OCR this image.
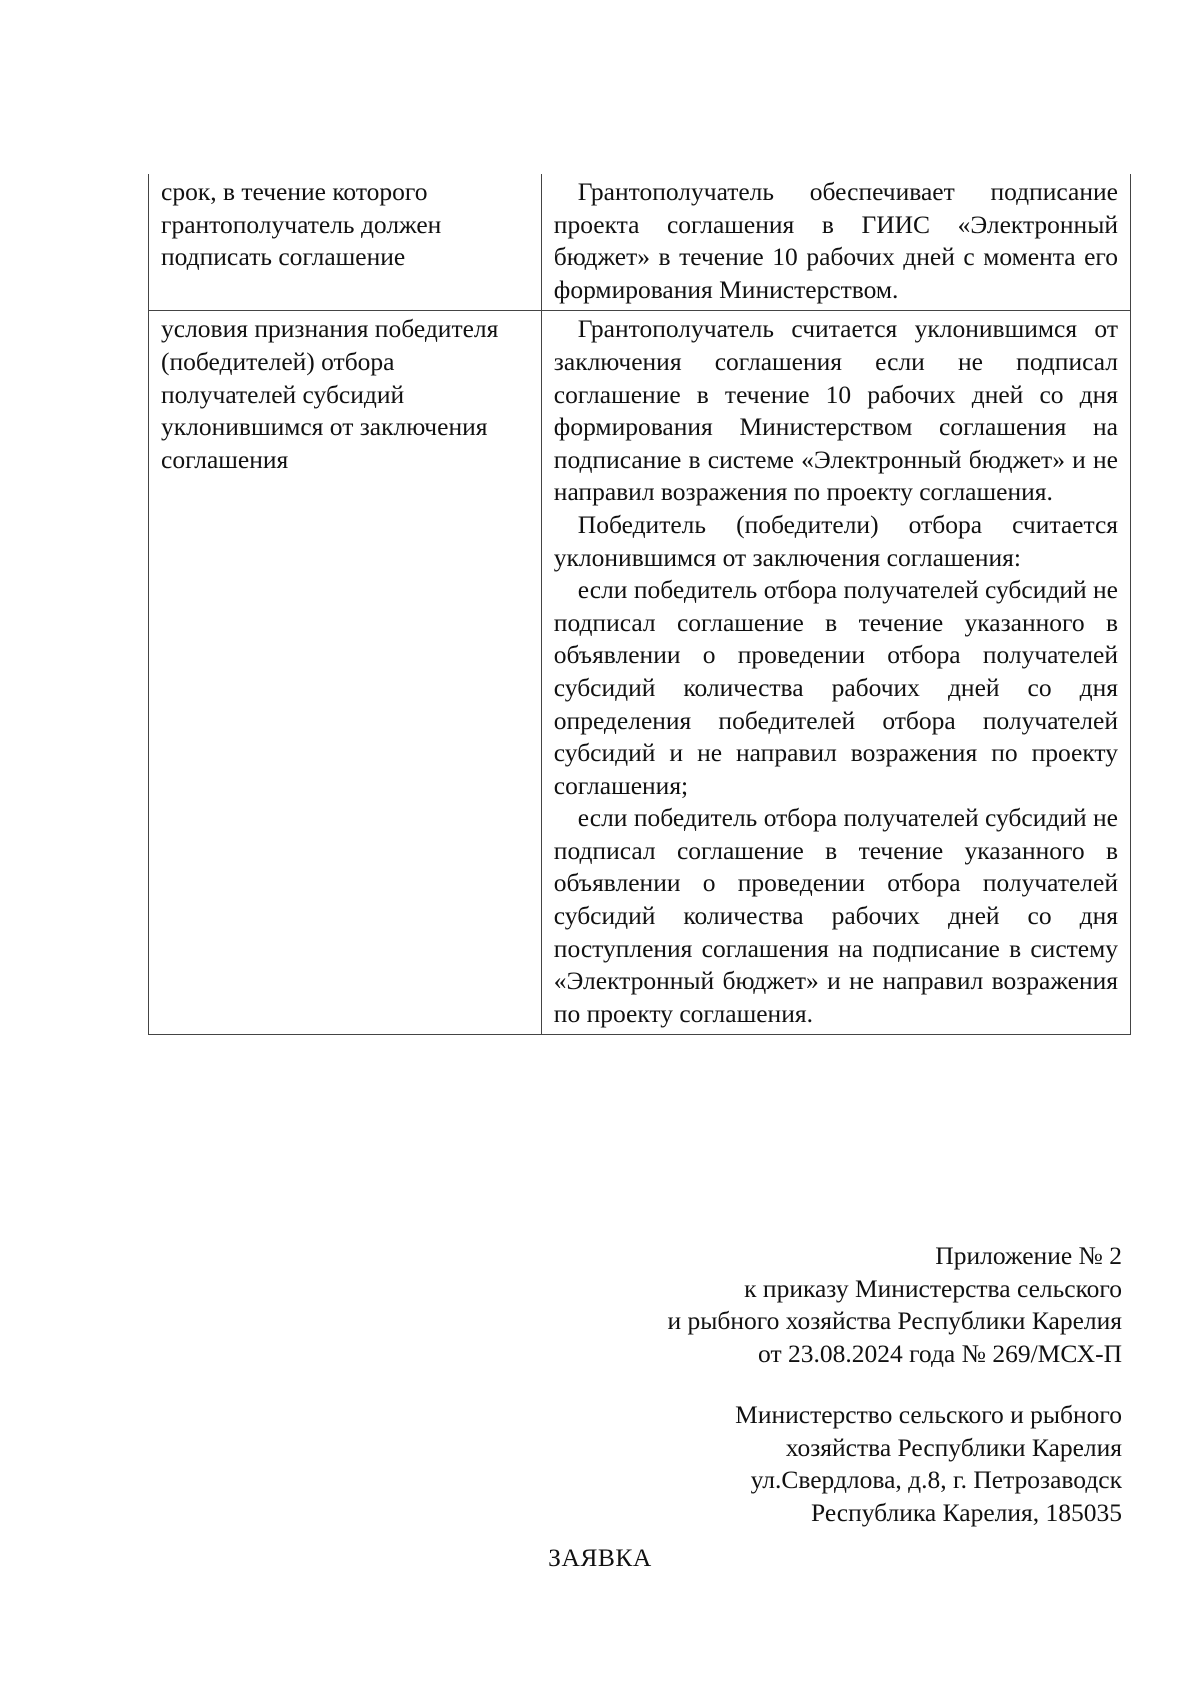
срок, в течение которого грантополучатель должен подписать соглашение	Грантополучатель обеспечивает подписание проекта соглашения в ГИИС «Электронный бюджет» в течение 10 рабочих дней с момента его формирования Министерством.

условия признания победителя (победителей) отбора получателей субсидий уклонившимся от заключения соглашения	Грантополучатель считается уклонившимся от заключения соглашения если не подписал соглашение в течение 10 рабочих дней со дня формирования Министерством соглашения на подписание в системе «Электронный бюджет» и не направил возражения по проекту соглашения.

Победитель (победители) отбора считается уклонившимся от заключения соглашения:

если победитель отбора получателей субсидий не подписал соглашение в течение указанного в объявлении о проведении отбора получателей субсидий количества рабочих дней со дня определения победителей отбора получателей субсидий и не направил возражения по проекту соглашения;

если победитель отбора получателей субсидий не подписал соглашение в течение указанного в объявлении о проведении отбора получателей субсидий количества рабочих дней со дня поступления соглашения на подписание в систему «Электронный бюджет» и не направил возражения по проекту соглашения.

Приложение № 2
к приказу Министерства сельского
и рыбного хозяйства Республики Карелия
от 23.08.2024 года № 269/МСХ-П
Министерство сельского и рыбного
хозяйства Республики Карелия
ул.Свердлова, д.8, г. Петрозаводск
Республика Карелия, 185035
ЗАЯВКА
